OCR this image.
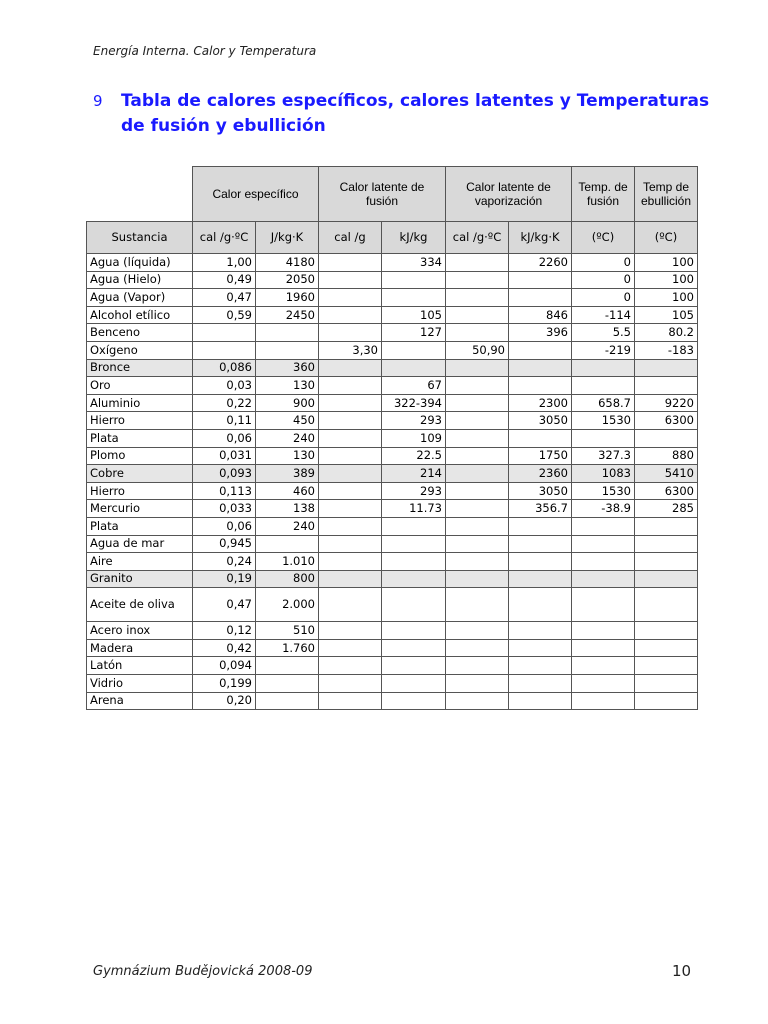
Energía Interna. Calor y Temperatura
9 Tabla de calores específicos, calores latentes y Temperaturas de fusión y ebullición
	Calor específico		Calor latente de fusión		Calor latente de vaporización		Temp. de fusión	Temp de ebullición
Sustancia	cal /g·ºC	J/kg·K	cal /g	kJ/kg	cal /g·ºC	kJ/kg·K	(ºC)	(ºC)
Agua (líquida)	1,00	4180		334		2260	0	100
Agua (Hielo)	0,49	2050					0	100
Agua (Vapor)	0,47	1960					0	100
Alcohol etílico	0,59	2450		105		846	-114	105
Benceno				127		396	5.5	80.2
Oxígeno			3,30		50,90		-219	-183
Bronce	0,086	360						
Oro	0,03	130		67				
Aluminio	0,22	900		322-394		2300	658.7	9220
Hierro	0,11	450		293		3050	1530	6300
Plata	0,06	240		109				
Plomo	0,031	130		22.5		1750	327.3	880
Cobre	0,093	389		214		2360	1083	5410
Hierro	0,113	460		293		3050	1530	6300
Mercurio	0,033	138		11.73		356.7	-38.9	285
Plata	0,06	240						
Agua de mar	0,945							
Aire	0,24	1.010						
Granito	0,19	800						
Aceite de oliva	0,47	2.000						
Acero inox	0,12	510						
Madera	0,42	1.760						
Latón	0,094							
Vidrio	0,199							
Arena	0,20							
Gymnázium Budějovická 2008-09	10
